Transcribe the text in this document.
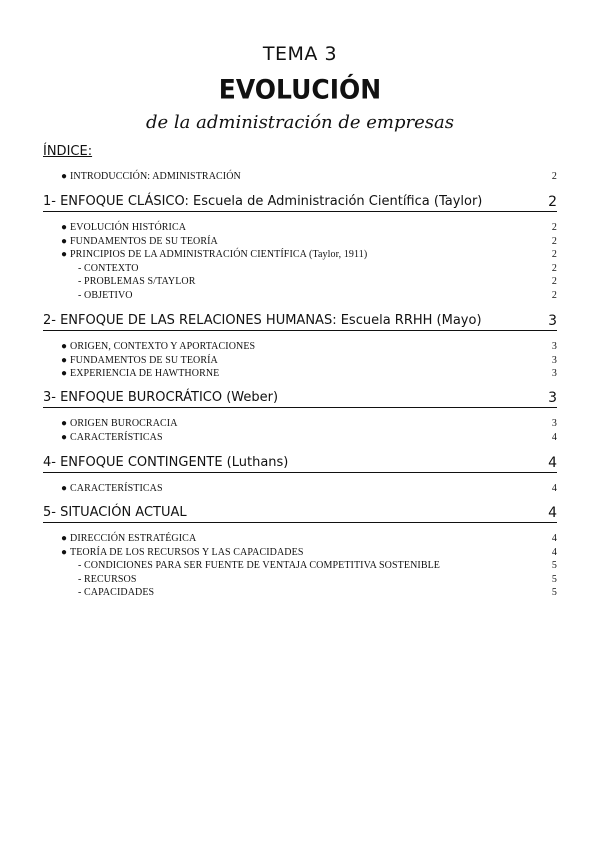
TEMA 3
EVOLUCIÓN
de la administración de empresas
ÍNDICE:
● INTRODUCCIÓN: ADMINISTRACIÓN	2
1- ENFOQUE CLÁSICO: Escuela de Administración Científica (Taylor)	2
● EVOLUCIÓN HISTÓRICA	2
● FUNDAMENTOS DE SU TEORÍA	2
● PRINCIPIOS DE LA ADMINISTRACIÓN CIENTÍFICA (Taylor, 1911)	2
- CONTEXTO	2
- PROBLEMAS S/TAYLOR	2
- OBJETIVO	2
2- ENFOQUE DE LAS RELACIONES HUMANAS: Escuela RRHH (Mayo)	3
● ORIGEN, CONTEXTO Y APORTACIONES	3
● FUNDAMENTOS DE SU TEORÍA	3
● EXPERIENCIA DE HAWTHORNE	3
3- ENFOQUE BUROCRÁTICO (Weber)	3
● ORIGEN BUROCRACIA	3
● CARACTERÍSTICAS	4
4- ENFOQUE CONTINGENTE (Luthans)	4
● CARACTERÍSTICAS	4
5- SITUACIÓN ACTUAL	4
● DIRECCIÓN ESTRATÉGICA	4
● TEORÍA DE LOS RECURSOS Y LAS CAPACIDADES	4
- CONDICIONES PARA SER FUENTE DE VENTAJA COMPETITIVA SOSTENIBLE	5
- RECURSOS	5
- CAPACIDADES	5
